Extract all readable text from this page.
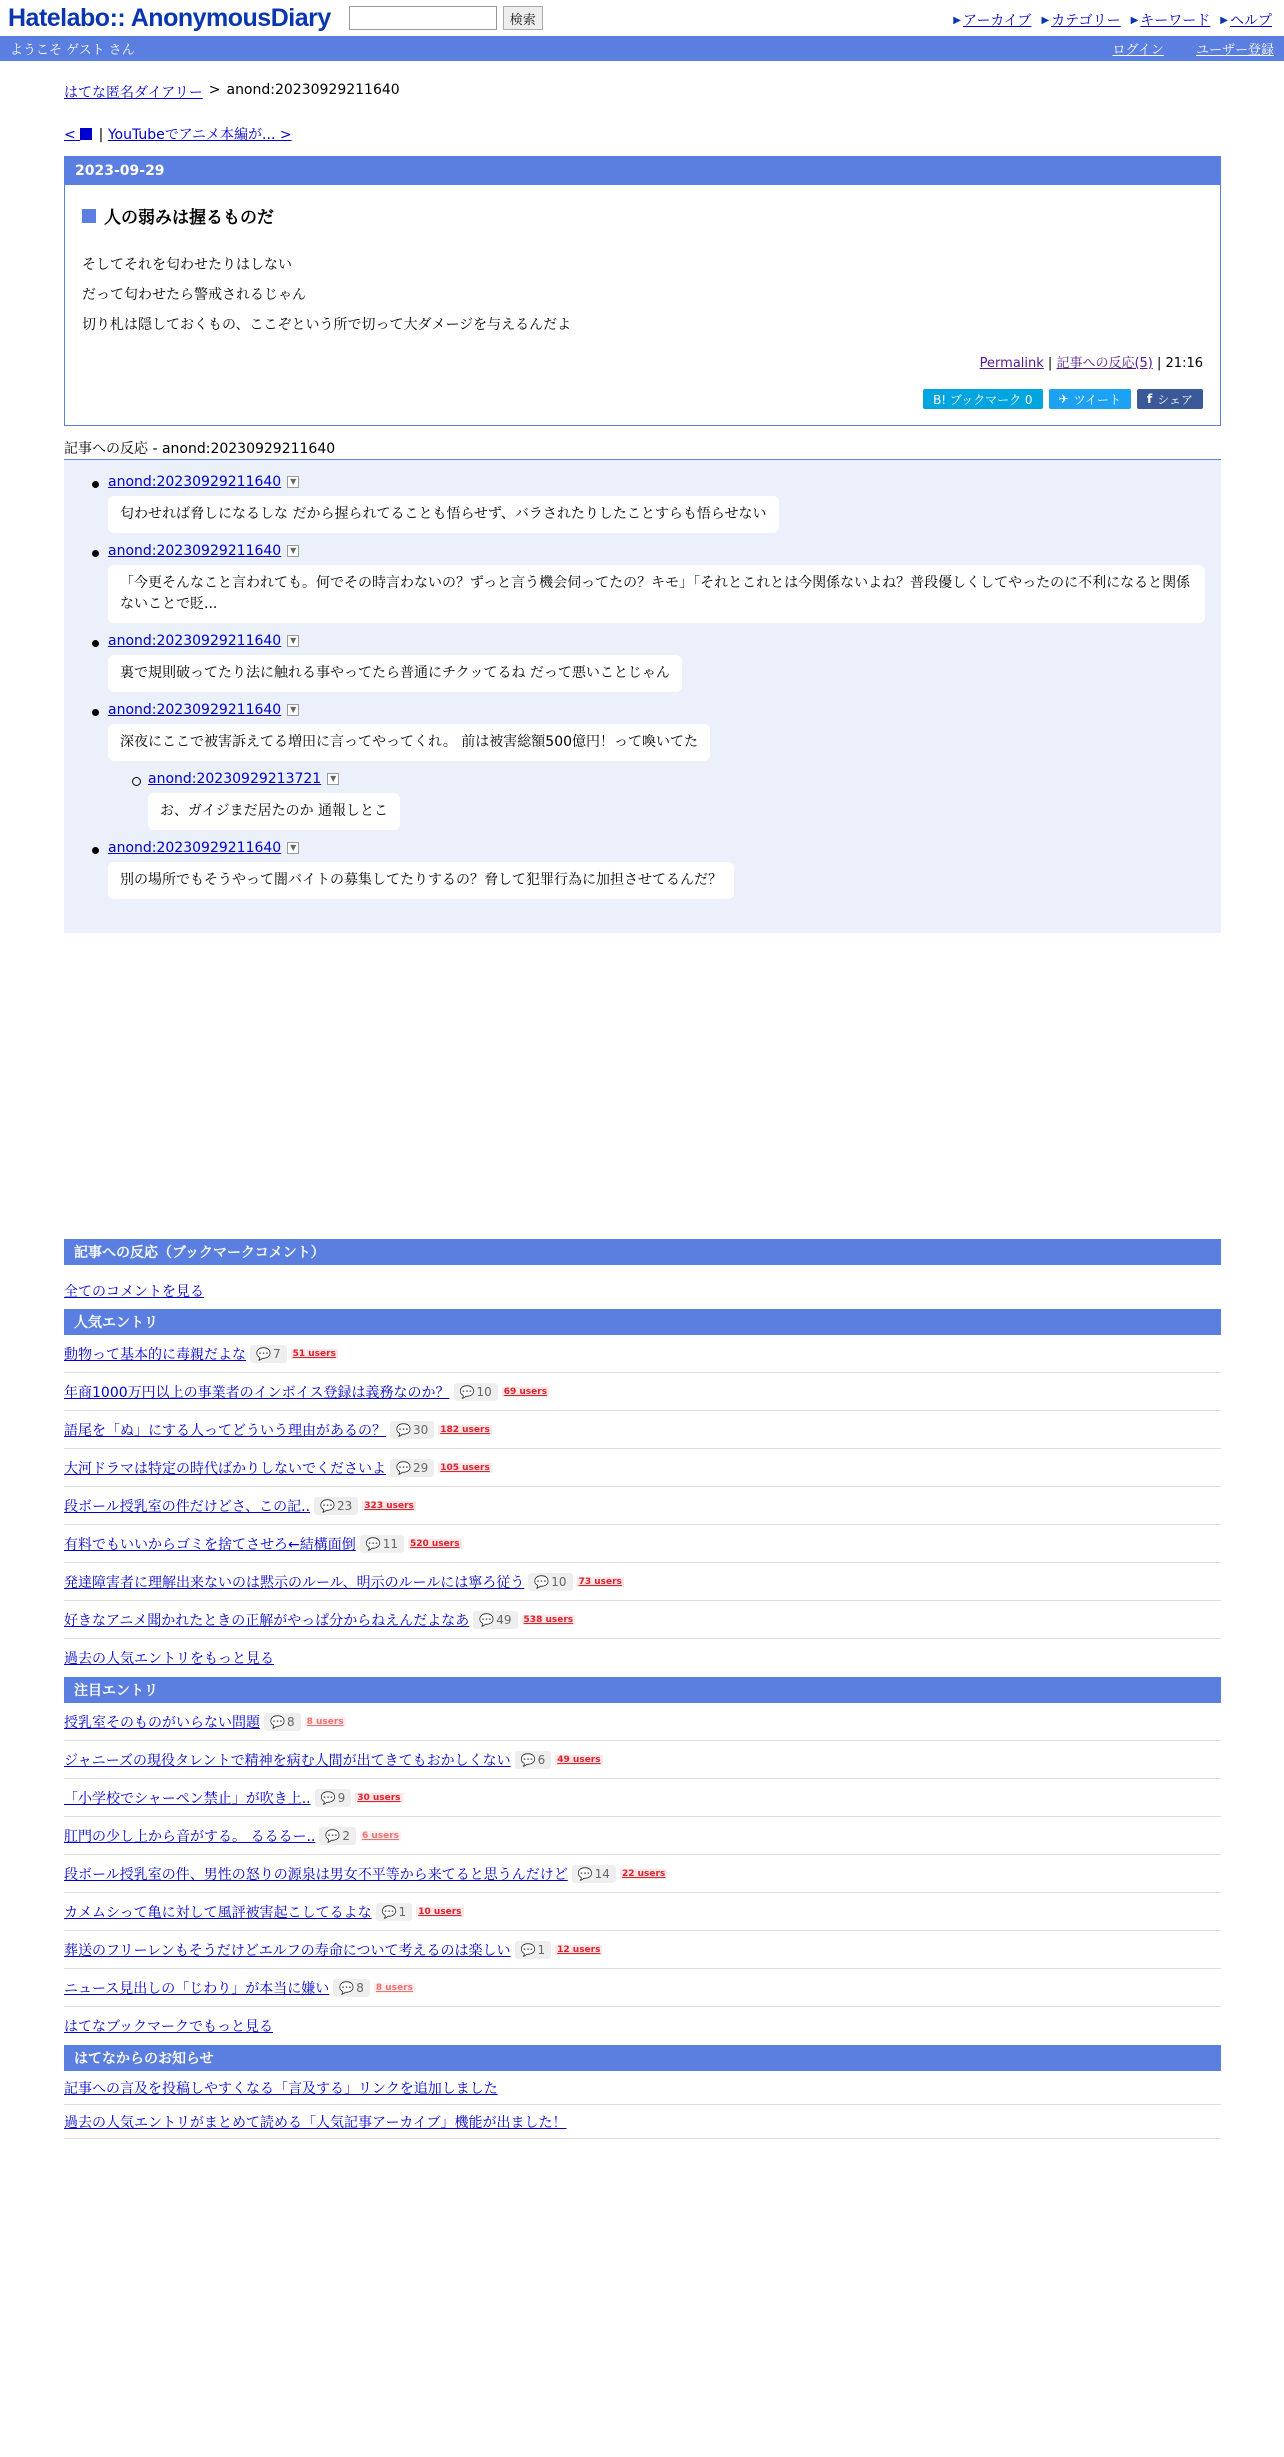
Hatelabo:: AnonymousDiary	検索	▶ アーカイブ ▶ カテゴリー ▶ キーワード ▶ ヘルプ
ようこそ ゲスト さん	ログイン ユーザー登録
はてな匿名ダイアリー > anond:20230929211640
< | YouTubeでアニメ本編が... >
2023-09-29
人の弱みは握るものだ
そしてそれを匂わせたりはしない
だって匂わせたら警戒されるじゃん
切り札は隠しておくもの、ここぞという所で切って大ダメージを与えるんだよ
Permalink | 記事への反応(5) | 21:16
B! ブックマーク 0 ✈ ツイート f シェア
記事への反応 - anond:20230929211640
anond:20230929211640	▼
匂わせれば脅しになるしな だから握られてることも悟らせず、バラされたりしたことすらも悟らせない
anond:20230929211640	▼
「今更そんなこと言われても。何でその時言わないの？ずっと言う機会伺ってたの？キモ」「それとこれとは今関係ないよね？普段優しくしてやったのに不利になると関係ないことで貶...
anond:20230929211640	▼
裏で規則破ってたり法に触れる事やってたら普通にチクッてるね だって悪いことじゃん
anond:20230929211640	▼
深夜にここで被害訴えてる増田に言ってやってくれ。 前は被害総額500億円！って喚いてた
anond:20230929213721	▼
お、ガイジまだ居たのか 通報しとこ
anond:20230929211640	▼
別の場所でもそうやって闇バイトの募集してたりするの？脅して犯罪行為に加担させてるんだ？
記事への反応（ブックマークコメント）
全てのコメントを見る
人気エントリ
動物って基本的に毒親だよな 💬 7 51 users
年商1000万円以上の事業者のインボイス登録は義務なのか？ 💬 10 69 users
語尾を「ぬ」にする人ってどういう理由があるの？ 💬 30 182 users
大河ドラマは特定の時代ばかりしないでくださいよ 💬 29 105 users
段ボール授乳室の件だけどさ、この記.. 💬 23 323 users
有料でもいいからゴミを捨てさせろ←結構面倒 💬 11 520 users
発達障害者に理解出来ないのは黙示のルール、明示のルールには寧ろ従う 💬 10 73 users
好きなアニメ聞かれたときの正解がやっぱ分からねえんだよなあ 💬 49 538 users
過去の人気エントリをもっと見る
注目エントリ
授乳室そのものがいらない問題 💬 8 8 users
ジャニーズの現役タレントで精神を病む人間が出てきてもおかしくない 💬 6 49 users
「小学校でシャーペン禁止」が吹き上.. 💬 9 30 users
肛門の少し上から音がする。 るるるー.. 💬 2 6 users
段ボール授乳室の件、男性の怒りの源泉は男女不平等から来てると思うんだけど 💬 14 22 users
カメムシって亀に対して風評被害起こしてるよな 💬 1 10 users
葬送のフリーレンもそうだけどエルフの寿命について考えるのは楽しい 💬 1 12 users
ニュース見出しの「じわり」が本当に嫌い 💬 8 8 users
はてなブックマークでもっと見る
はてなからのお知らせ
記事への言及を投稿しやすくなる「言及する」リンクを追加しました
過去の人気エントリがまとめて読める「人気記事アーカイブ」機能が出ました！
